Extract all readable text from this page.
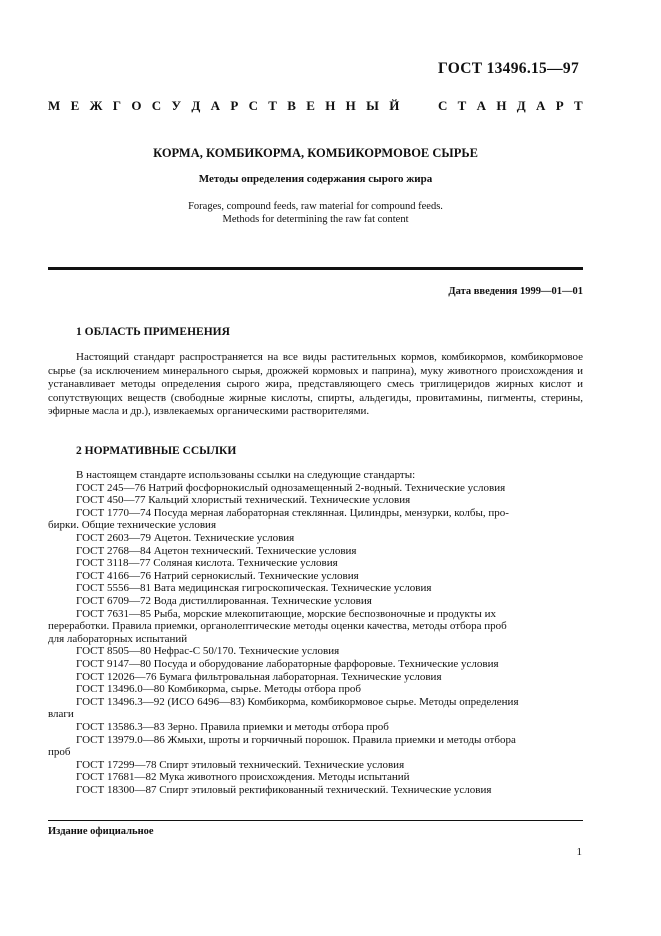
ГОСТ 13496.15—97
М Е Ж Г О С У Д А Р С Т В Е Н Н Ы Й	С Т А Н Д А Р Т
КОРМА, КОМБИКОРМА, КОМБИКОРМОВОЕ СЫРЬЕ
Методы определения содержания сырого жира
Forages, compound feeds, raw material for compound feeds.
Methods for determining the raw fat content
Дата введения 1999—01—01
1 ОБЛАСТЬ ПРИМЕНЕНИЯ
Настоящий стандарт распространяется на все виды растительных кормов, комбикормов, комбикормовое сырье (за исключением минерального сырья, дрожжей кормовых и паприна), муку животного происхождения и устанавливает методы определения сырого жира, представляющего смесь триглицеридов жирных кислот и сопутствующих веществ (свободные жирные кислоты, спирты, альдегиды, провитамины, пигменты, стерины, эфирные масла и др.), извлекаемых органическими растворителями.
2 НОРМАТИВНЫЕ ССЫЛКИ
В настоящем стандарте использованы ссылки на следующие стандарты:
ГОСТ 245—76 Натрий фосфорнокислый однозамещенный 2-водный. Технические условия
ГОСТ 450—77 Кальций хлористый технический. Технические условия
ГОСТ 1770—74 Посуда мерная лабораторная стеклянная. Цилиндры, мензурки, колбы, про-
бирки. Общие технические условия
ГОСТ 2603—79 Ацетон. Технические условия
ГОСТ 2768—84 Ацетон технический. Технические условия
ГОСТ 3118—77 Соляная кислота. Технические условия
ГОСТ 4166—76 Натрий сернокислый. Технические условия
ГОСТ 5556—81 Вата медицинская гигроскопическая. Технические условия
ГОСТ 6709—72 Вода дистиллированная. Технические условия
ГОСТ 7631—85 Рыба, морские млекопитающие, морские беспозвоночные и продукты их
переработки. Правила приемки, органолептические методы оценки качества, методы отбора проб
для лабораторных испытаний
ГОСТ 8505—80 Нефрас-С 50/170. Технические условия
ГОСТ 9147—80 Посуда и оборудование лабораторные фарфоровые. Технические условия
ГОСТ 12026—76 Бумага фильтровальная лабораторная. Технические условия
ГОСТ 13496.0—80 Комбикорма, сырье. Методы отбора проб
ГОСТ 13496.3—92 (ИСО 6496—83) Комбикорма, комбикормовое сырье. Методы определения
влаги
ГОСТ 13586.3—83 Зерно. Правила приемки и методы отбора проб
ГОСТ 13979.0—86 Жмыхи, шроты и горчичный порошок. Правила приемки и методы отбора
проб
ГОСТ 17299—78 Спирт этиловый технический. Технические условия
ГОСТ 17681—82 Мука животного происхождения. Методы испытаний
ГОСТ 18300—87 Спирт этиловый ректификованный технический. Технические условия
Издание официальное
1
